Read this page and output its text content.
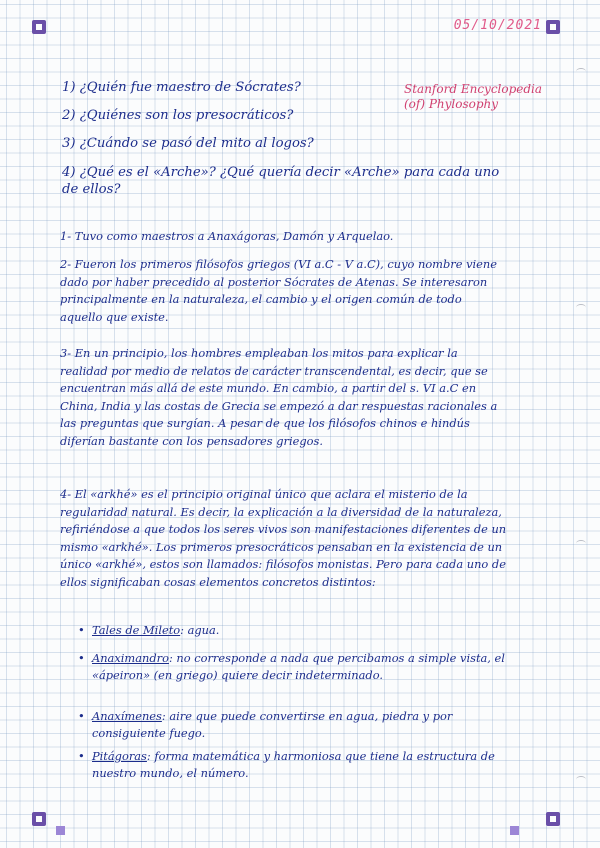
05/10/2021
1) ¿Quién fue maestro de Sócrates?
2) ¿Quiénes son los presocráticos?
3) ¿Cuándo se pasó del mito al logos?
4) ¿Qué es el «Arche»? ¿Qué quería decir «Arche» para cada uno de ellos?
Stanford Encyclopedia (of) Phylosophy
1- Tuvo como maestros a Anaxágoras, Damón y Arquelao.
2- Fueron los primeros filósofos griegos (VI a.C - V a.C), cuyo nombre viene dado por haber precedido al posterior Sócrates de Atenas. Se interesaron principalmente en la naturaleza, el cambio y el origen común de todo aquello que existe.
3- En un principio, los hombres empleaban los mitos para explicar la realidad por medio de relatos de carácter transcendental, es decir, que se encuentran más allá de este mundo. En cambio, a partir del s. VI a.C en China, India y las costas de Grecia se empezó a dar respuestas racionales a las preguntas que surgían. A pesar de que los filósofos chinos e hindús diferían bastante con los pensadores griegos.
4- El «arkhé» es el principio original único que aclara el misterio de la regularidad natural. Es decir, la explicación a la diversidad de la naturaleza, refiriéndose a que todos los seres vivos son manifestaciones diferentes de un mismo «arkhé». Los primeros presocráticos pensaban en la existencia de un único «arkhé», estos son llamados: filósofos monistas. Pero para cada uno de ellos significaban cosas elementos concretos distintos:
• Tales de Mileto: agua.
• Anaximandro: no corresponde a nada que percibamos a simple vista, el «ápeiron» (en griego) quiere decir indeterminado.
• Anaxímenes: aire que puede convertirse en agua, piedra y por consiguiente fuego.
• Pitágoras: forma matemática y harmoniosa que tiene la estructura de nuestro mundo, el número.
